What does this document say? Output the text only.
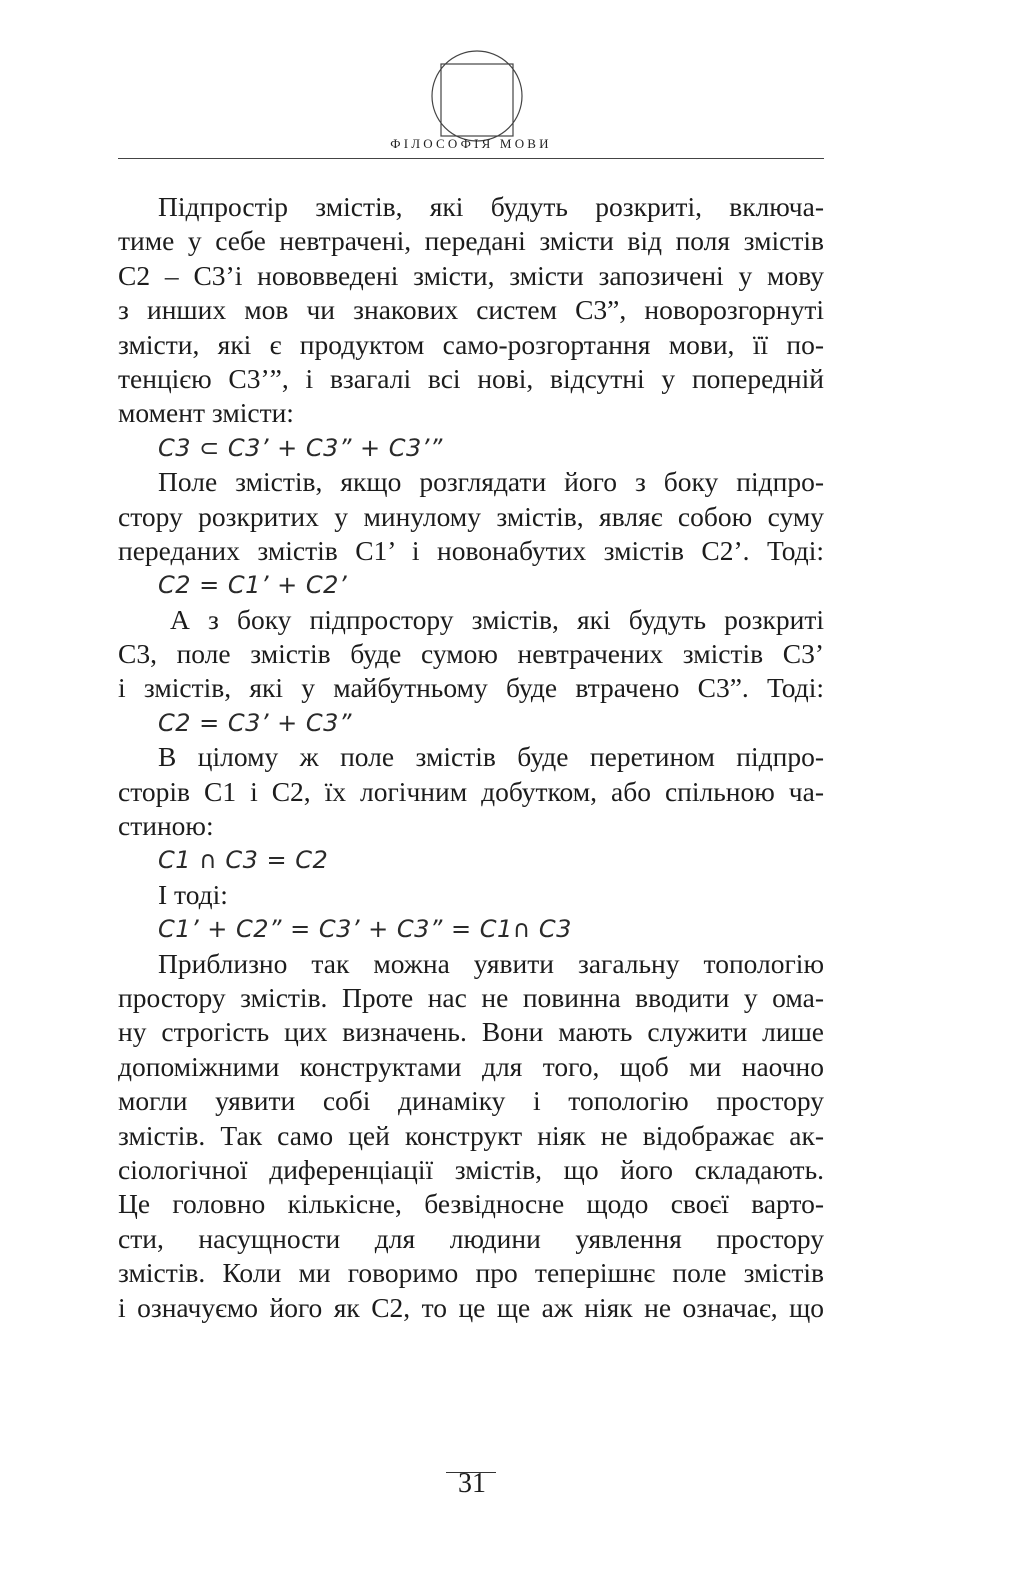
ФІЛОСОФІЯ МОВИ
Підпростір змістів, які будуть розкриті, включа-
тиме у себе невтрачені, передані змісти від поля змістів
C2 – C3’і нововведені змісти, змісти запозичені у мову
з инших мов чи знакових систем C3”, новорозгорнуті
змісти, які є продуктом само-розгортання мови, її по-
тенцією C3’”, і взагалі всі нові, відсутні у попередній
момент змісти:
C3 ⊂ C3’ + C3” + C3’”
Поле змістів, якщо розглядати його з боку підпро-
стору розкритих у минулому змістів, являє собою суму
переданих змістів C1’ і новонабутих змістів C2’. Тоді:
C2 = C1’ + C2’
А з боку підпростору змістів, які будуть розкриті
C3, поле змістів буде сумою невтрачених змістів C3’
і змістів, які у майбутньому буде втрачено C3”. Тоді:
C2 = C3’ + C3”
В цілому ж поле змістів буде перетином підпро-
сторів C1 і C2, їх логічним добутком, або спільною ча-
стиною:
C1 ∩ C3 = C2
І тоді:
C1’ + C2” = C3’ + C3” = C1∩ C3
Приблизно так можна уявити загальну топологію
простору змістів. Проте нас не повинна вводити у ома-
ну строгість цих визначень. Вони мають служити лише
допоміжними конструктами для того, щоб ми наочно
могли уявити собі динаміку і топологію простору
змістів. Так само цей конструкт ніяк не відображає ак-
сіологічної диференціації змістів, що його складають.
Це головно кількісне, безвідносне щодо своєї варто-
сти, насущности для людини уявлення простору
змістів. Коли ми говоримо про теперішнє поле змістів
і означуємо його як C2, то це ще аж ніяк не означає, що
31
